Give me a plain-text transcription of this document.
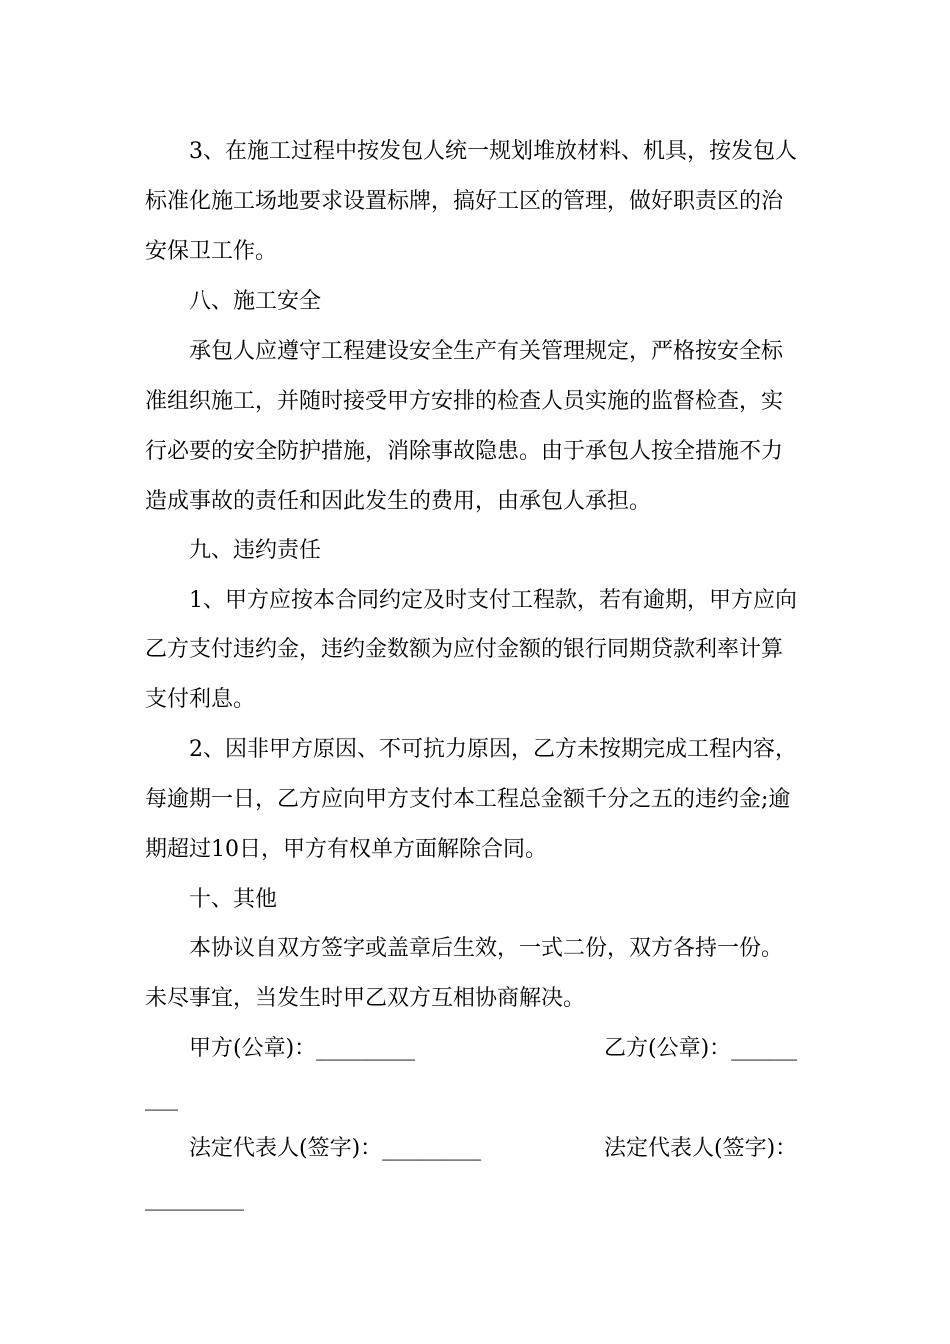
3、在施工过程中按发包人统一规划堆放材料、机具，按发包人
标准化施工场地要求设置标牌，搞好工区的管理，做好职责区的治
安保卫工作。
八、施工安全
承包人应遵守工程建设安全生产有关管理规定，严格按安全标
准组织施工，并随时接受甲方安排的检查人员实施的监督检查，实
行必要的安全防护措施，消除事故隐患。由于承包人按全措施不力
造成事故的责任和因此发生的费用，由承包人承担。
九、违约责任
1、甲方应按本合同约定及时支付工程款，若有逾期，甲方应向
乙方支付违约金，违约金数额为应付金额的银行同期贷款利率计算
支付利息。
2、因非甲方原因、不可抗力原因，乙方未按期完成工程内容，
每逾期一日，乙方应向甲方支付本工程总金额千分之五的违约金;逾
期超过10日，甲方有权单方面解除合同。
十、其他
本协议自双方签字或盖章后生效，一式二份，双方各持一份。
未尽事宜，当发生时甲乙双方互相协商解决。
甲方(公章)：_________	乙方(公章)：______
___
法定代表人(签字)：_________	法定代表人(签字)：
_________
